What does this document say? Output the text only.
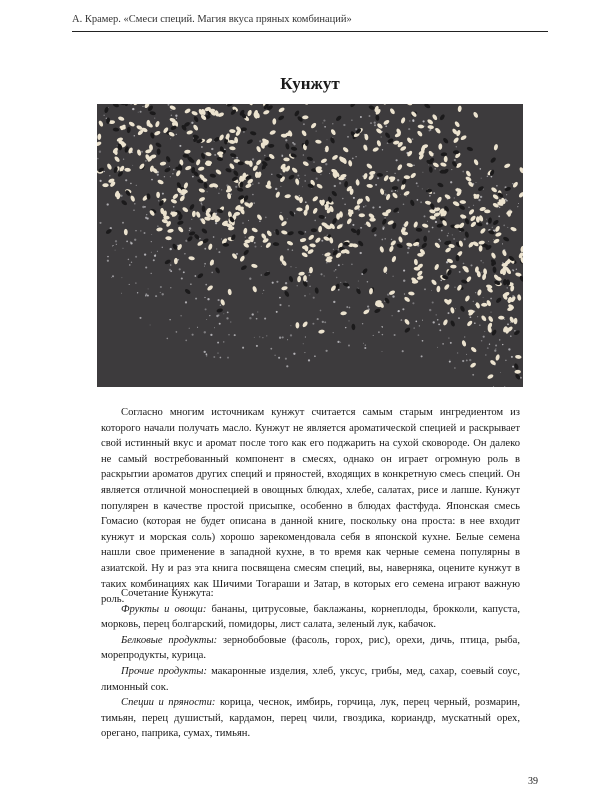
А. Крамер. «Смеси специй. Магия вкуса пряных комбинаций»
Кунжут

Согласно многим источникам кунжут считается самым старым ингредиентом из которого начали получать масло. Кунжут не является ароматической специей и раскрывает свой истинный вкус и аромат после того как его поджарить на сухой сковороде. Он далеко не самый востребованный компонент в смесях, однако он играет огромную роль в раскрытии ароматов других специй и пряностей, входящих в конкретную смесь специй. Он является отличной моноспецией в овощных блюдах, хлебе, салатах, рисе и лапше. Кунжут популярен в качестве простой присыпке, особенно в блюдах фастфуда. Японская смесь Гомасио (которая не будет описана в данной книге, поскольку она проста: в нее входит кунжут и морская соль) хорошо зарекомендовала себя в японской кухне. Белые семена нашли свое применение в западной кухне, в то время как черные семена популярны в азиатской. Ну и раз эта книга посвящена смесям специй, вы, наверняка, оцените кунжут в таких комбинациях как Шичими Тогараши и Затар, в которых его семена играют важную роль.

Сочетание Кунжута:

Фрукты и овощи: бананы, цитрусовые, баклажаны, корнеплоды, брокколи, капуста, морковь, перец болгарский, помидоры, лист салата, зеленый лук, кабачок.

Белковые продукты: зернобобовые (фасоль, горох, рис), орехи, дичь, птица, рыба, морепродукты, курица.

Прочие продукты: макаронные изделия, хлеб, уксус, грибы, мед, сахар, соевый соус, лимонный сок.

Специи и пряности: корица, чеснок, имбирь, горчица, лук, перец черный, розмарин, тимьян, перец душистый, кардамон, перец чили, гвоздика, кориандр, мускатный орех, орегано, паприка, сумах, тимьян.

39
